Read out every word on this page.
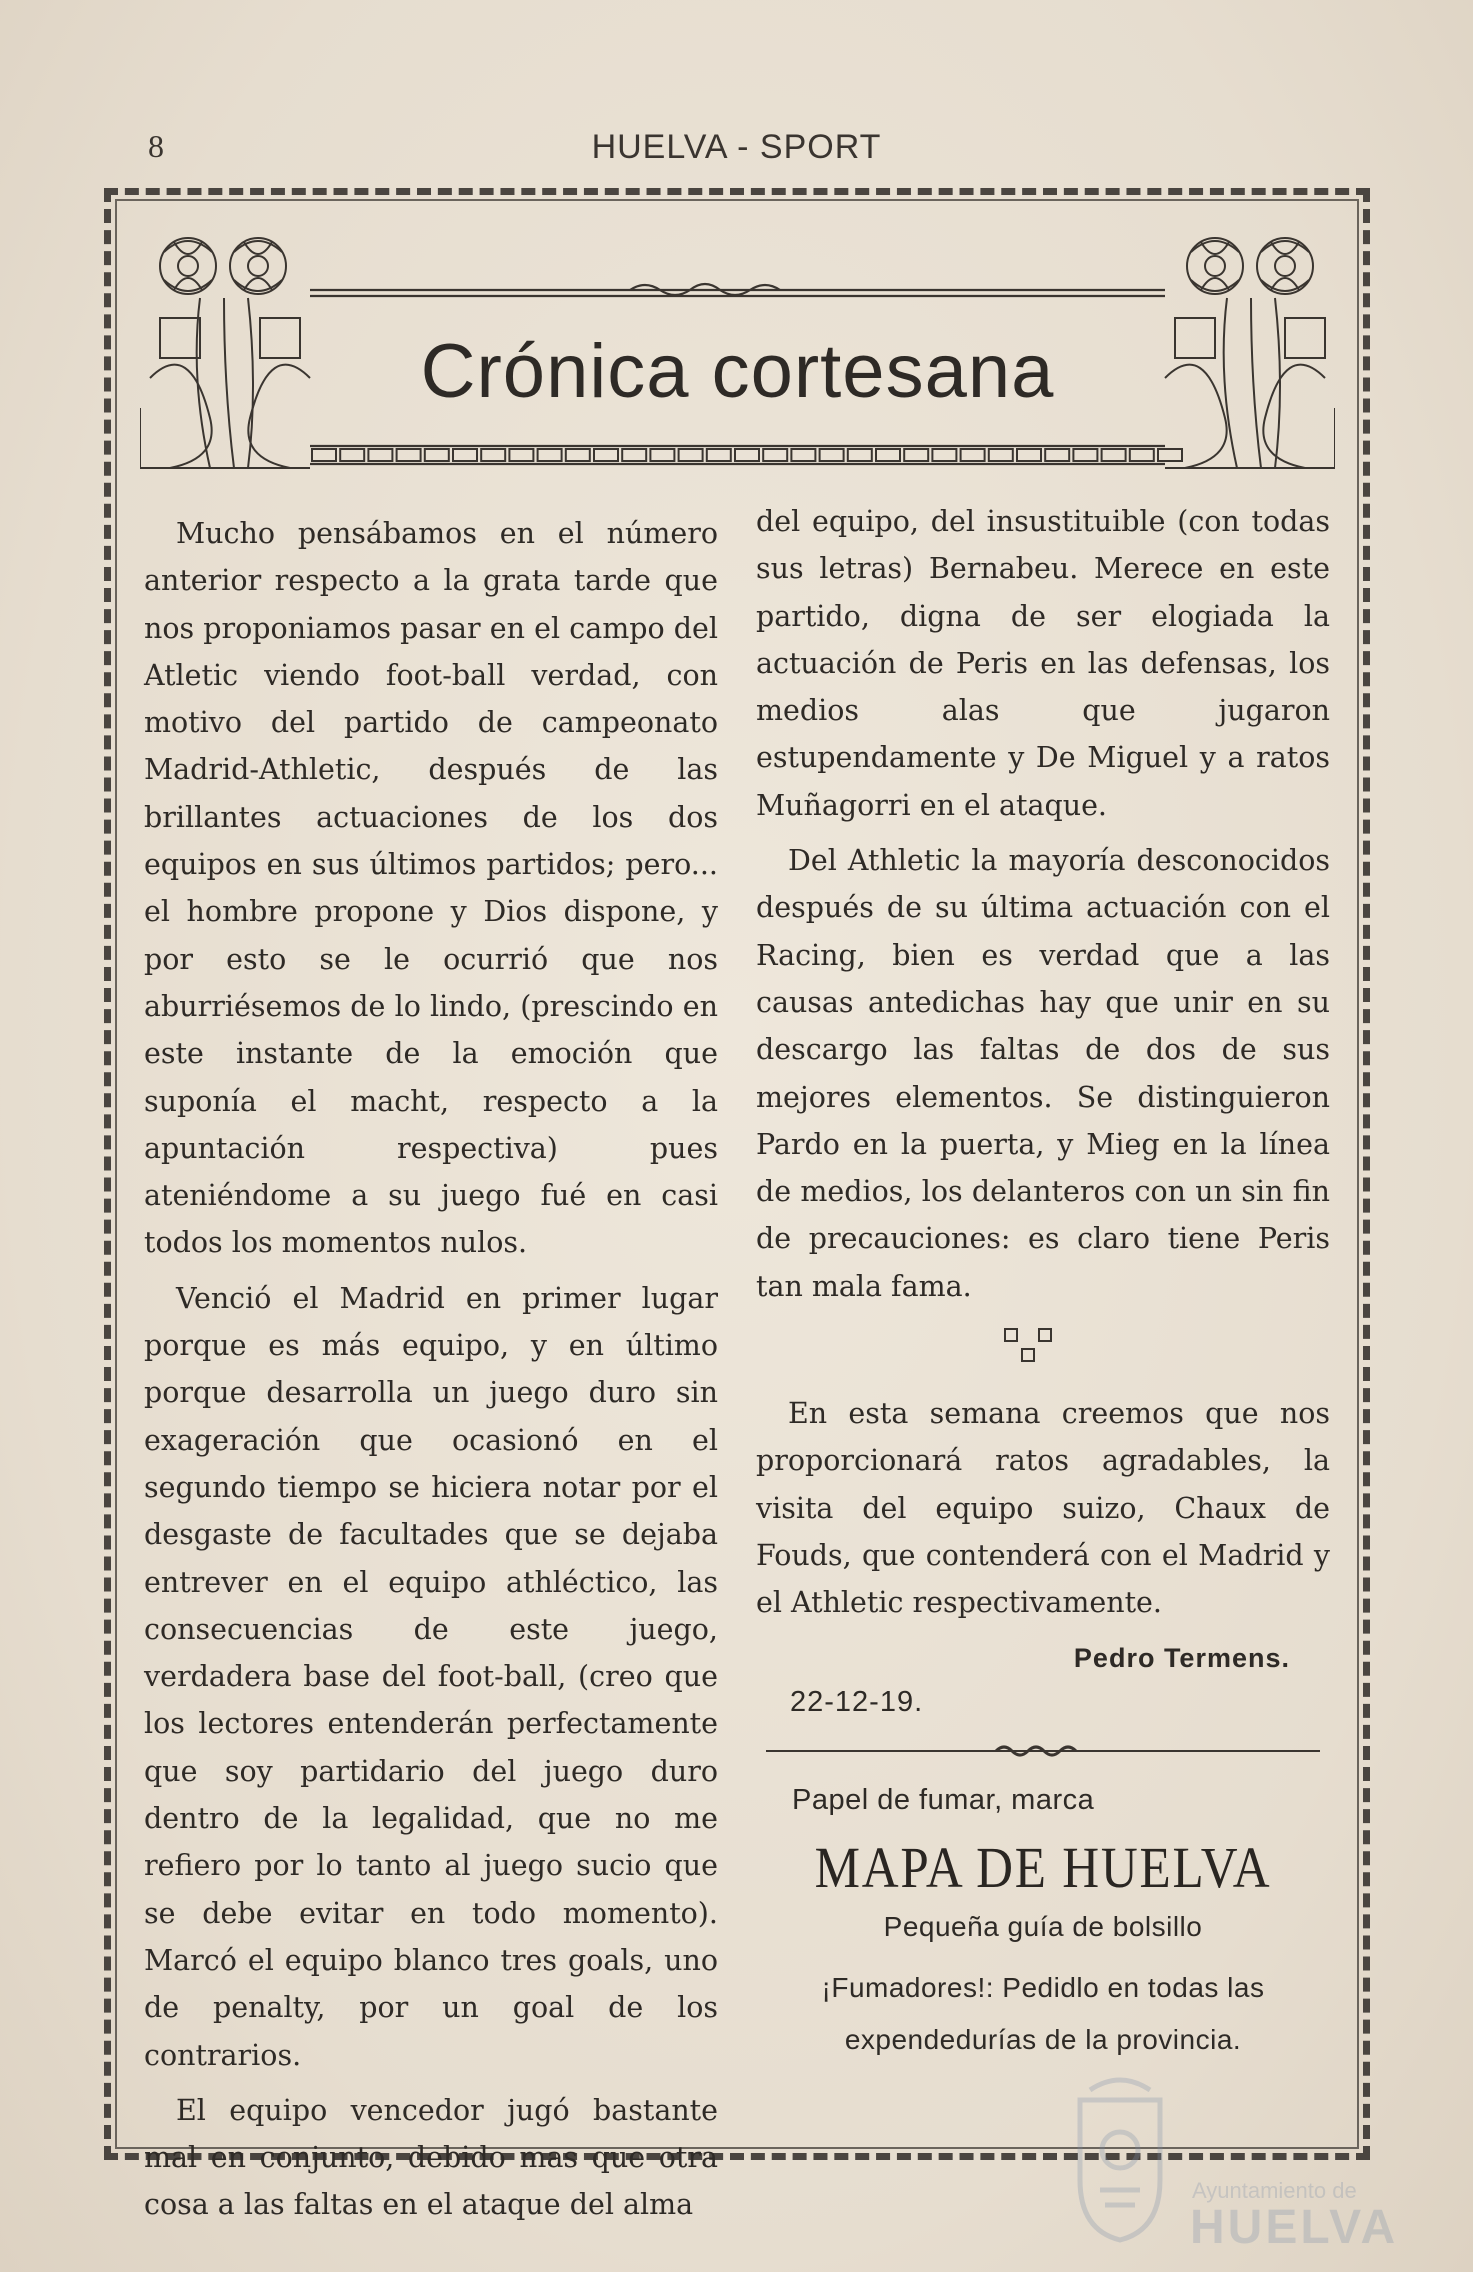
8	HUELVA - SPORT
Crónica cortesana

Mucho pensábamos en el número anterior respecto a la grata tarde que nos proponiamos pasar en el campo del Atletic viendo foot-ball verdad, con motivo del partido de campeonato Madrid-Athletic, después de las brillantes actuaciones de los dos equipos en sus últimos partidos; pero... el hombre propone y Dios dispone, y por esto se le ocurrió que nos aburriésemos de lo lindo, (prescindo en este instante de la emoción que suponía el macht, respecto a la apuntación respectiva) pues ateniéndome a su juego fué en casi todos los momentos nulos.

Venció el Madrid en primer lugar porque es más equipo, y en último porque desarrolla un juego duro sin exageración que ocasionó en el segundo tiempo se hiciera notar por el desgaste de facultades que se dejaba entrever en el equipo athléctico, las consecuencias de este juego, verdadera base del foot-ball, (creo que los lectores entenderán perfectamente que soy partidario del juego duro dentro de la legalidad, que no me refiero por lo tanto al juego sucio que se debe evitar en todo momento). Marcó el equipo blanco tres goals, uno de penalty, por un goal de los contrarios.

El equipo vencedor jugó bastante mal en conjunto, debido mas que otra cosa a las faltas en el ataque del alma

del equipo, del insustituible (con todas sus letras) Bernabeu. Merece en este partido, digna de ser elogiada la actuación de Peris en las defensas, los medios alas que jugaron estupendamente y De Miguel y a ratos Muñagorri en el ataque.

Del Athletic la mayoría desconocidos después de su última actuación con el Racing, bien es verdad que a las causas antedichas hay que unir en su descargo las faltas de dos de sus mejores elementos. Se distinguieron Pardo en la puerta, y Mieg en la línea de medios, los delanteros con un sin fin de precauciones: es claro tiene Peris tan mala fama.

En esta semana creemos que nos proporcionará ratos agradables, la visita del equipo suizo, Chaux de Fouds, que contenderá con el Madrid y el Athletic respectivamente.

Pedro Termens.
22-12-19.
Papel de fumar, marca
MAPA DE HUELVA
Pequeña guía de bolsillo
¡Fumadores!: Pedidlo en todas las expendedurías de la provincia.
Ayuntamiento de
HUELVA
